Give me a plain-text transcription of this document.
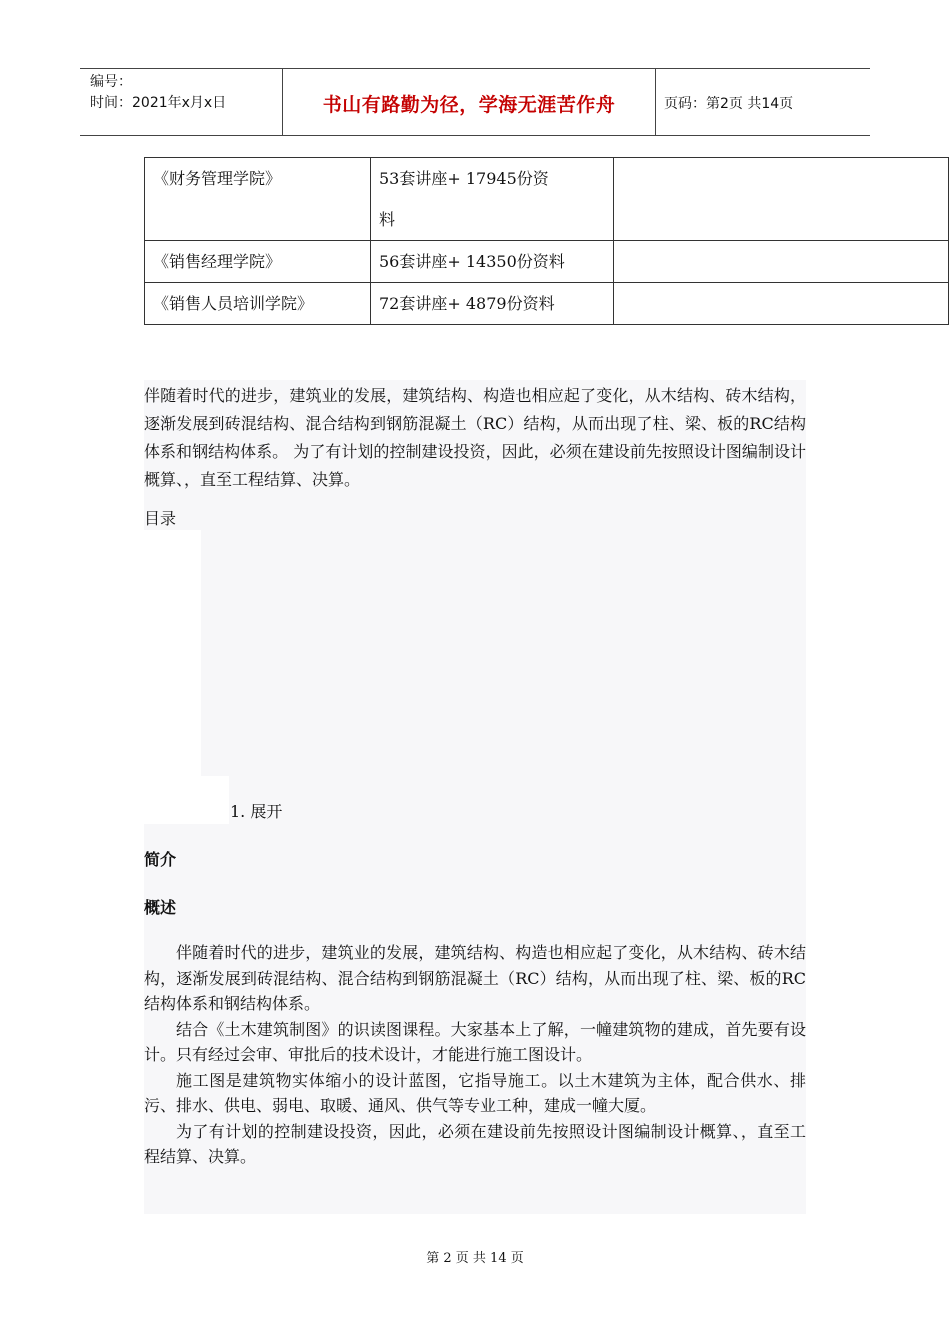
编号：
时间：2021年x月x日	书山有路勤为径，学海无涯苦作舟	页码：第2页 共14页
《财务管理学院》	53套讲座+ 17945份资
料	

《销售经理学院》	56套讲座+ 14350份资料	
《销售人员培训学院》	72套讲座+ 4879份资料	
伴随着时代的进步，建筑业的发展，建筑结构、构造也相应起了变化，从木结构、砖木结构，逐渐发展到砖混结构、混合结构到钢筋混凝土（RC）结构，从而出现了柱、梁、板的RC结构体系和钢结构体系。 为了有计划的控制建设投资，因此，必须在建设前先按照设计图编制设计概算、，直至工程结算、决算。
目录
1. 展开
简介
概述

伴随着时代的进步，建筑业的发展，建筑结构、构造也相应起了变化，从木结构、砖木结构，逐渐发展到砖混结构、混合结构到钢筋混凝土（RC）结构，从而出现了柱、梁、板的RC结构体系和钢结构体系。

结合《土木建筑制图》的识读图课程。大家基本上了解，一幢建筑物的建成，首先要有设计。只有经过会审、审批后的技术设计，才能进行施工图设计。

施工图是建筑物实体缩小的设计蓝图，它指导施工。以土木建筑为主体，配合供水、排污、排水、供电、弱电、取暖、通风、供气等专业工种，建成一幢大厦。

为了有计划的控制建设投资，因此，必须在建设前先按照设计图编制设计概算、，直至工程结算、决算。

第 2 页 共 14 页
